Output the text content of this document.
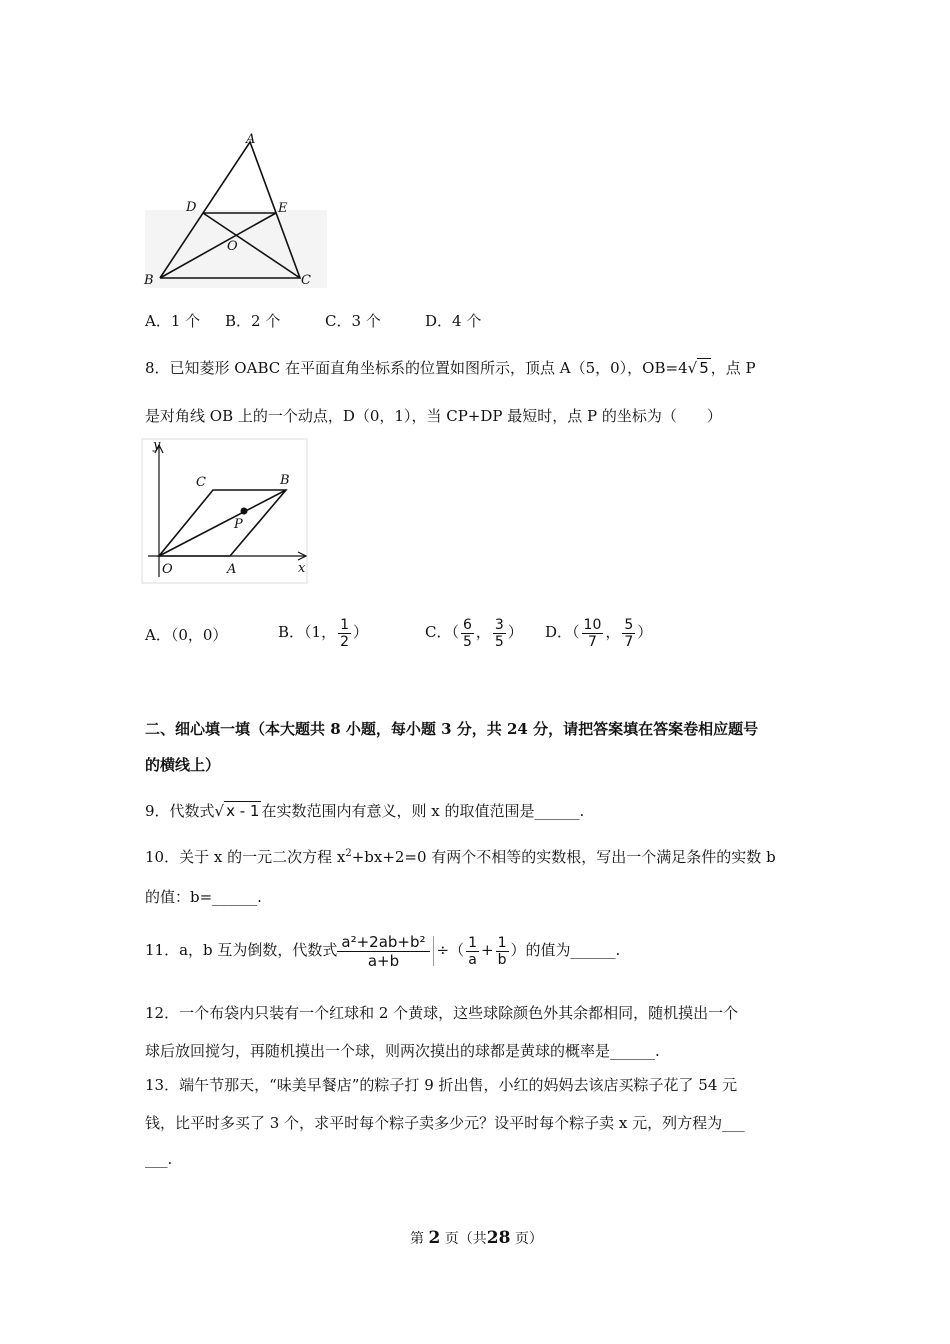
A
D	E
O
B	C
A．1 个 B．2 个	C．3 个	D．4 个
8．已知菱形 OABC 在平面直角坐标系的位置如图所示，顶点 A（5，0），OB=4√ 5 ，点 P
是对角线 OB 上的一个动点，D（0，1），当 CP+DP 最短时，点 P 的坐标为（　　）
y
x
O	A
B
C
P
A．（0，0）	B．（1， $\frac{1}{2}$ ）	C．（ $\frac{6}{5}$ ， $\frac{3}{5}$ ） D．（ $\frac{10}{7}$ ， $\frac{5}{7}$ ）
二、细心填一填（本大题共 8 小题，每小题 3 分，共 24 分，请把答案填在答案卷相应题号
的横线上）
9．代数式√ x - 1 在实数范围内有意义，则 x 的取值范围是______.
10．关于 x 的一元二次方程 $x^2+bx+2=0$ 有两个不相等的实数根，写出一个满足条件的实数 b
的值：b=______.
11．a，b 互为倒数，代数式 $\frac{\text{a²+2ab+b²}}{a+b}$ ÷（ $\frac{1}{a} + \frac{1}{b}$ ）的值为______.
12．一个布袋内只装有一个红球和 2 个黄球，这些球除颜色外其余都相同，随机摸出一个
球后放回搅匀，再随机摸出一个球，则两次摸出的球都是黄球的概率是______.
13．端午节那天，“味美早餐店”的粽子打 9 折出售，小红的妈妈去该店买粽子花了 54 元
钱，比平时多买了 3 个，求平时每个粽子卖多少元？设平时每个粽子卖 x 元，列方程为___
___.
第 2 页（共28 页）
